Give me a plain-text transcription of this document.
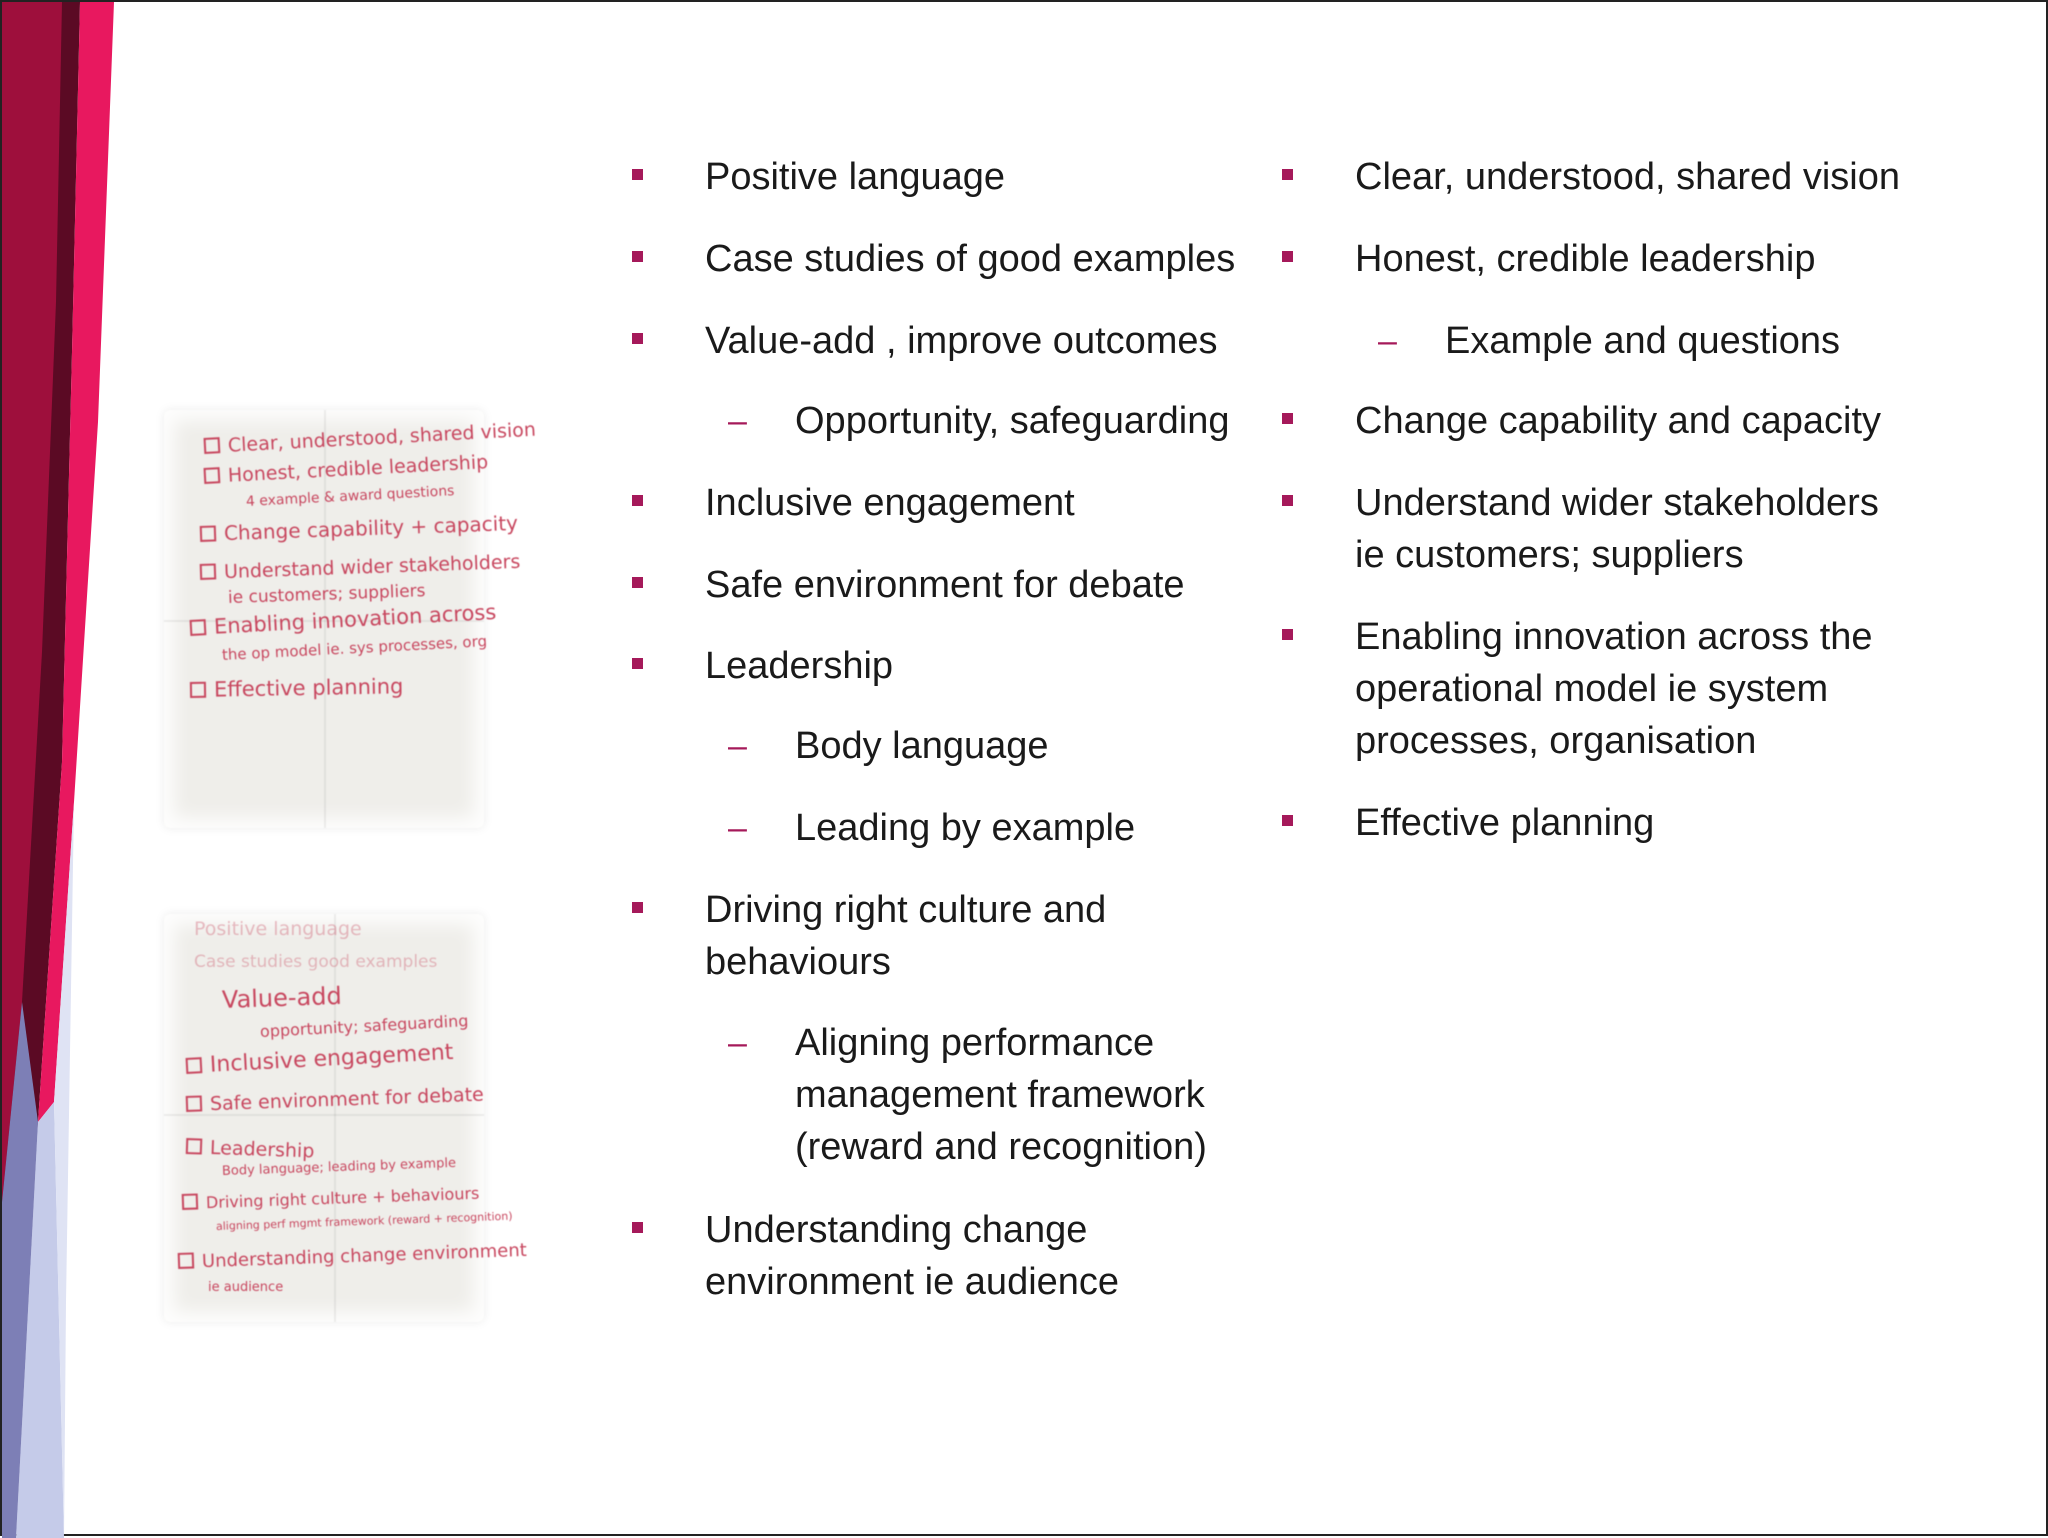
Clear, understood, shared vision
Honest, credible leadership
4 example & award questions
Change capability + capacity
Understand wider stakeholders
ie customers; suppliers
Enabling innovation across
the op model ie. sys processes, org
Effective planning
Positive language
Case studies good examples
Value-add
opportunity; safeguarding
Inclusive engagement
Safe environment for debate
Leadership
Body language; leading by example
Driving right culture + behaviours
aligning perf mgmt framework (reward + recognition)
Understanding change environment
ie audience
Positive language
Case studies of good examples
Value-add , improve outcomes
– Opportunity, safeguarding
Inclusive engagement
Safe environment for debate
Leadership
– Body language
– Leading by example
Driving right culture and
behaviours
– Aligning performance
management framework
(reward and recognition)
Understanding change
environment ie audience
Clear, understood, shared vision
Honest, credible leadership
– Example and questions
Change capability and capacity
Understand wider stakeholders
ie customers; suppliers
Enabling innovation across the
operational model ie system
processes, organisation
Effective planning
